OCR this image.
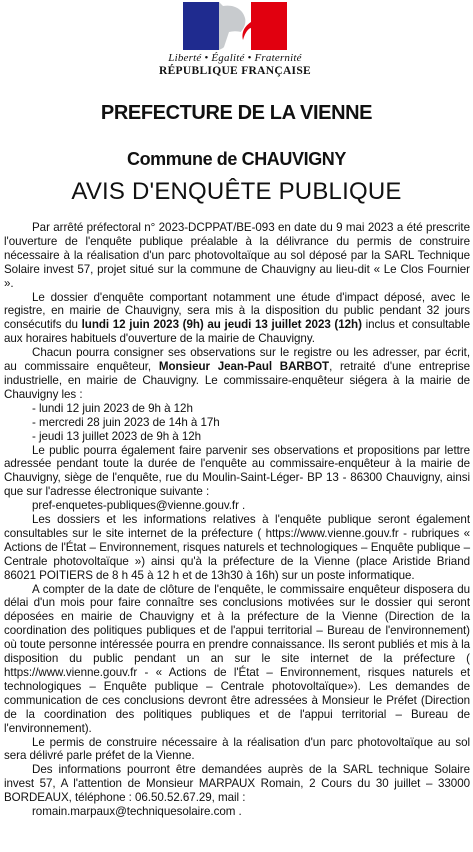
Liberté • Égalité • Fraternité
RÉPUBLIQUE FRANÇAISE
PREFECTURE DE LA VIENNE
Commune de CHAUVIGNY
AVIS D'ENQUÊTE PUBLIQUE

Par arrêté préfectoral n° 2023-DCPPAT/BE-093 en date du 9 mai 2023 a été prescrite l'ouverture de l'enquête publique préalable à la délivrance du permis de construire nécessaire à la réalisation d'un parc photovoltaïque au sol déposé par la SARL Technique Solaire invest 57, projet situé sur la commune de Chauvigny au lieu-dit « Le Clos Fournier ».

Le dossier d'enquête comportant notamment une étude d'impact déposé, avec le registre, en mairie de Chauvigny, sera mis à la disposition du public pendant 32 jours consécutifs du lundi 12 juin 2023 (9h) au jeudi 13 juillet 2023 (12h) inclus et consultable aux horaires habituels d'ouverture de la mairie de Chauvigny.

Chacun pourra consigner ses observations sur le registre ou les adresser, par écrit, au commissaire enquêteur, Monsieur Jean-Paul BARBOT, retraité d'une entreprise industrielle, en mairie de Chauvigny. Le commissaire-enquêteur siégera à la mairie de Chauvigny les :

- lundi 12 juin 2023 de 9h à 12h
- mercredi 28 juin 2023 de 14h à 17h
- jeudi 13 juillet 2023 de 9h à 12h

Le public pourra également faire parvenir ses observations et propositions par lettre adressée pendant toute la durée de l'enquête au commissaire-enquêteur à la mairie de Chauvigny, siège de l'enquête, rue du Moulin-Saint-Léger- BP 13 - 86300 Chauvigny, ainsi que sur l'adresse électronique suivante :

pref-enquetes-publiques@vienne.gouv.fr .

Les dossiers et les informations relatives à l'enquête publique seront également consultables sur le site internet de la préfecture ( https://www.vienne.gouv.fr - rubriques « Actions de l'État – Environnement, risques naturels et technologiques – Enquête publique – Centrale photovoltaïque ») ainsi qu'à la préfecture de la Vienne (place Aristide Briand 86021 POITIERS de 8 h 45 à 12 h et de 13h30 à 16h) sur un poste informatique.

A compter de la date de clôture de l'enquête, le commissaire enquêteur disposera du délai d'un mois pour faire connaître ses conclusions motivées sur le dossier qui seront déposées en mairie de Chauvigny et à la préfecture de la Vienne (Direction de la coordination des politiques publiques et de l'appui territorial – Bureau de l'environnement) où toute personne intéressée pourra en prendre connaissance. Ils seront publiés et mis à la disposition du public pendant un an sur le site internet de la préfecture ( https://www.vienne.gouv.fr - « Actions de l'État – Environnement, risques naturels et technologiques – Enquête publique – Centrale photovoltaïque»). Les demandes de communication de ces conclusions devront être adressées à Monsieur le Préfet (Direction de la coordination des politiques publiques et de l'appui territorial – Bureau de l'environnement).

Le permis de construire nécessaire à la réalisation d'un parc photovoltaïque au sol sera délivré parle préfet de la Vienne.

Des informations pourront être demandées auprès de la SARL technique Solaire invest 57, A l'attention de Monsieur MARPAUX Romain, 2 Cours du 30 juillet – 33000 BORDEAUX, téléphone : 06.50.52.67.29, mail :

romain.marpaux@techniquesolaire.com .
